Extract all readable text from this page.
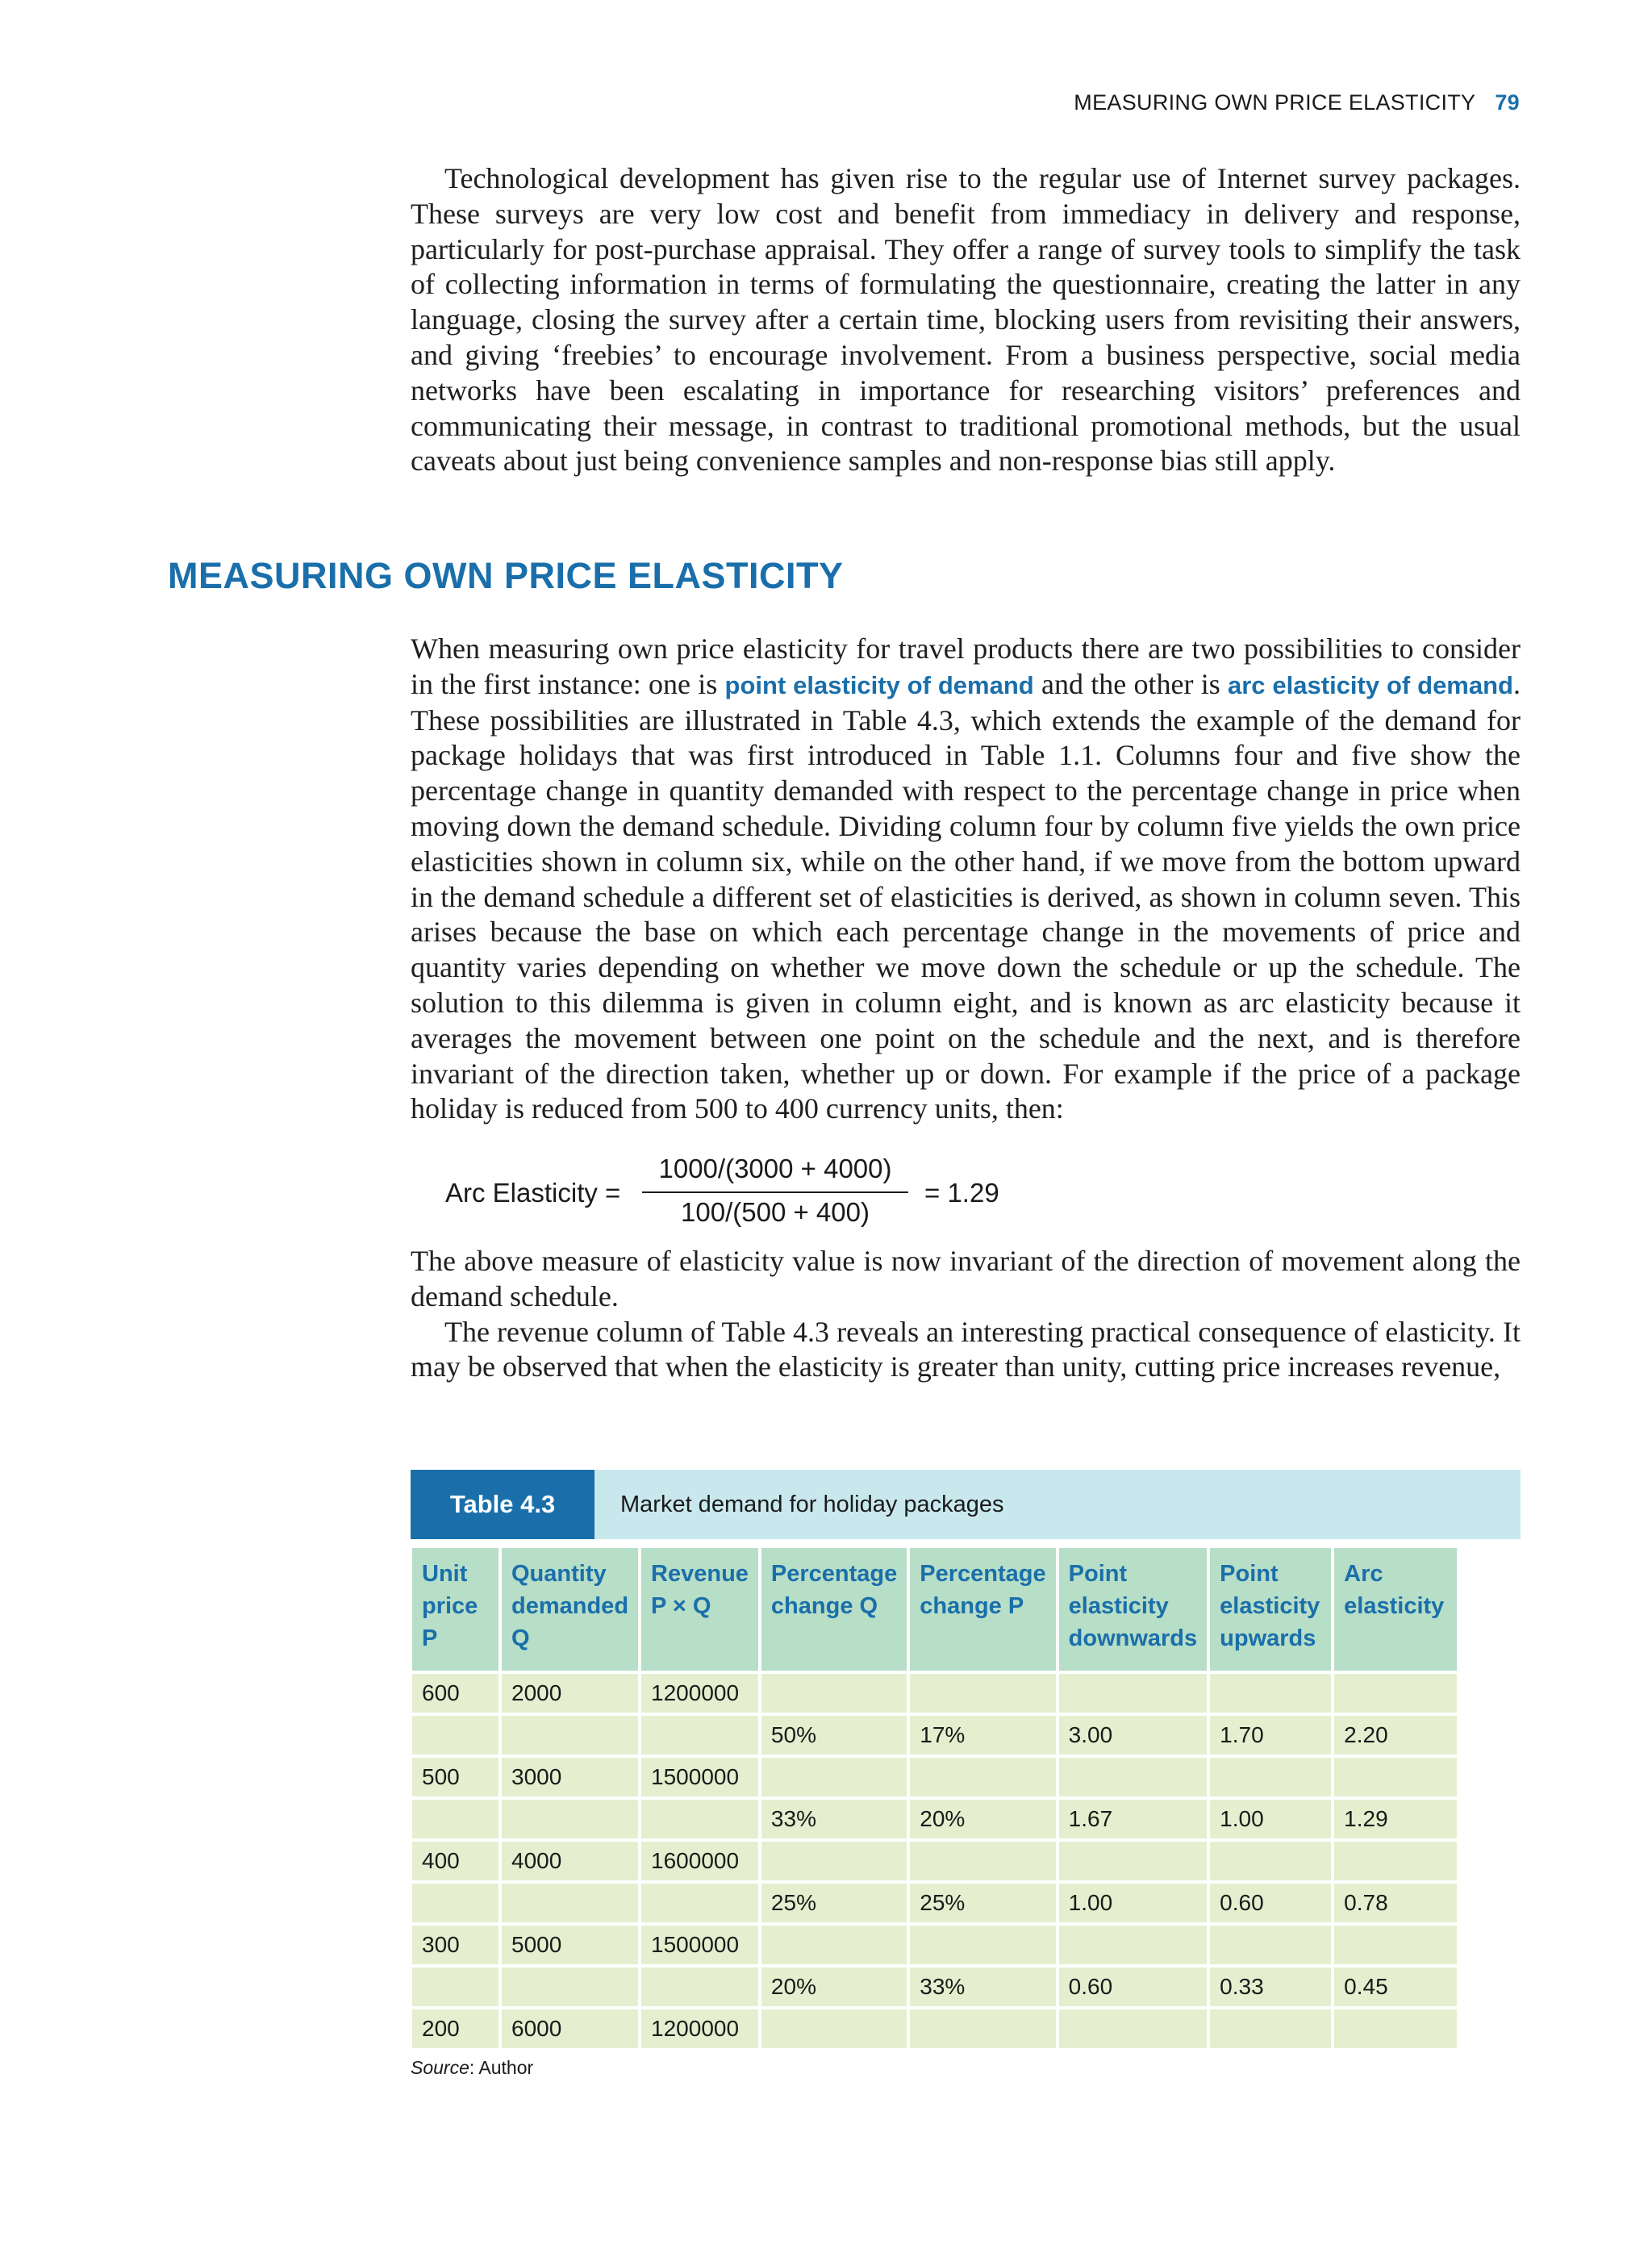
MEASURING OWN PRICE ELASTICITY 79

Technological development has given rise to the regular use of Internet survey packages. These surveys are very low cost and benefit from immediacy in delivery and response, particularly for post-purchase appraisal. They offer a range of survey tools to simplify the task of collecting information in terms of formulating the questionnaire, creating the latter in any language, closing the survey after a certain time, blocking users from revisiting their answers, and giving ‘freebies’ to encourage involvement. From a business perspective, social media networks have been escalating in importance for researching visitors’ preferences and communicating their message, in contrast to traditional promotional methods, but the usual caveats about just being convenience samples and non-response bias still apply.

MEASURING OWN PRICE ELASTICITY

When measuring own price elasticity for travel products there are two possibilities to consider in the first instance: one is point elasticity of demand and the other is arc elasticity of demand. These possibilities are illustrated in Table 4.3, which extends the example of the demand for package holidays that was first introduced in Table 1.1. Columns four and five show the percentage change in quantity demanded with respect to the percentage change in price when moving down the demand schedule. Dividing column four by column five yields the own price elasticities shown in column six, while on the other hand, if we move from the bottom upward in the demand schedule a different set of elasticities is derived, as shown in column seven. This arises because the base on which each percentage change in the movements of price and quantity varies depending on whether we move down the schedule or up the schedule. The solution to this dilemma is given in column eight, and is known as arc elasticity because it averages the movement between one point on the schedule and the next, and is therefore invariant of the direction taken, whether up or down. For example if the price of a package holiday is reduced from 500 to 400 currency units, then:

Arc Elasticity =
1000/(3000 + 4000)
100/(500 + 400)
= 1.29

The above measure of elasticity value is now invariant of the direction of movement along the demand schedule.

The revenue column of Table 4.3 reveals an interesting practical consequence of elasticity. It may be observed that when the elasticity is greater than unity, cutting price increases revenue,

Table 4.3	Market demand for holiday packages
Unit price P	Quantity demanded Q	Revenue P × Q	Percentage change Q	Percentage change P	Point elasticity downwards	Point elasticity upwards	Arc elasticity
600	2000	1200000					
			50%	17%	3.00	1.70	2.20
500	3000	1500000					
			33%	20%	1.67	1.00	1.29
400	4000	1600000					
			25%	25%	1.00	0.60	0.78
300	5000	1500000					
			20%	33%	0.60	0.33	0.45
200	6000	1200000					
Source: Author
